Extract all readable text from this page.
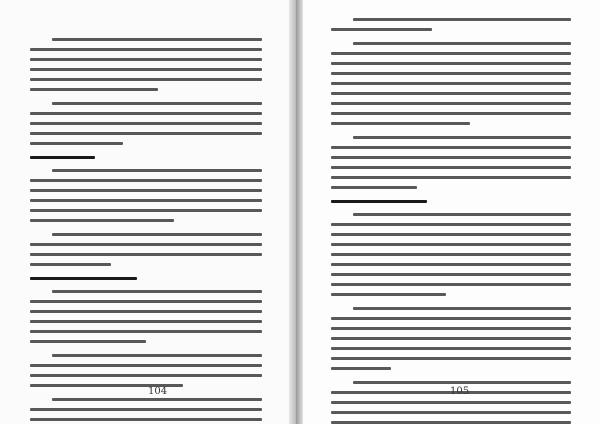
104	105
